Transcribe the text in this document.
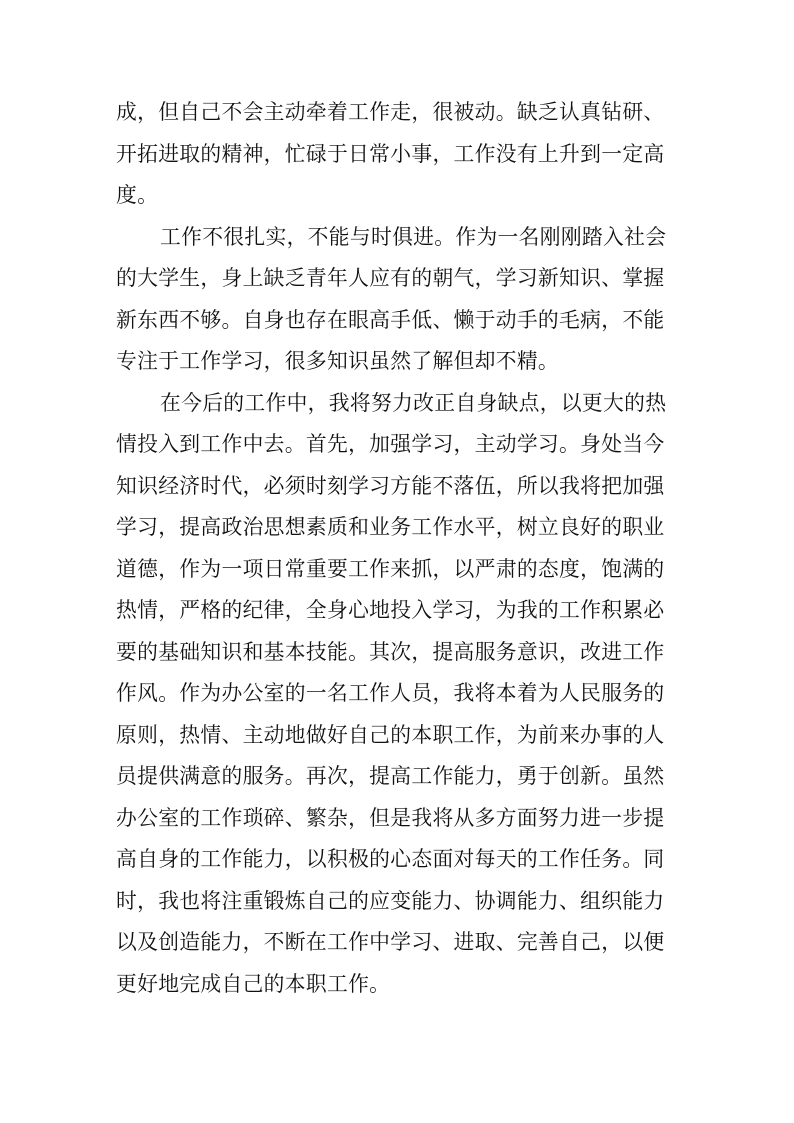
成，但自己不会主动牵着工作走，很被动。缺乏认真钻研、
开拓进取的精神，忙碌于日常小事，工作没有上升到一定高
度。
工作不很扎实，不能与时俱进。作为一名刚刚踏入社会
的大学生，身上缺乏青年人应有的朝气，学习新知识、掌握
新东西不够。自身也存在眼高手低、懒于动手的毛病，不能
专注于工作学习，很多知识虽然了解但却不精。
在今后的工作中，我将努力改正自身缺点，以更大的热
情投入到工作中去。首先，加强学习，主动学习。身处当今
知识经济时代，必须时刻学习方能不落伍，所以我将把加强
学习，提高政治思想素质和业务工作水平，树立良好的职业
道德，作为一项日常重要工作来抓，以严肃的态度，饱满的
热情，严格的纪律，全身心地投入学习，为我的工作积累必
要的基础知识和基本技能。其次，提高服务意识，改进工作
作风。作为办公室的一名工作人员，我将本着为人民服务的
原则，热情、主动地做好自己的本职工作，为前来办事的人
员提供满意的服务。再次，提高工作能力，勇于创新。虽然
办公室的工作琐碎、繁杂，但是我将从多方面努力进一步提
高自身的工作能力，以积极的心态面对每天的工作任务。同
时，我也将注重锻炼自己的应变能力、协调能力、组织能力
以及创造能力，不断在工作中学习、进取、完善自己，以便
更好地完成自己的本职工作。
